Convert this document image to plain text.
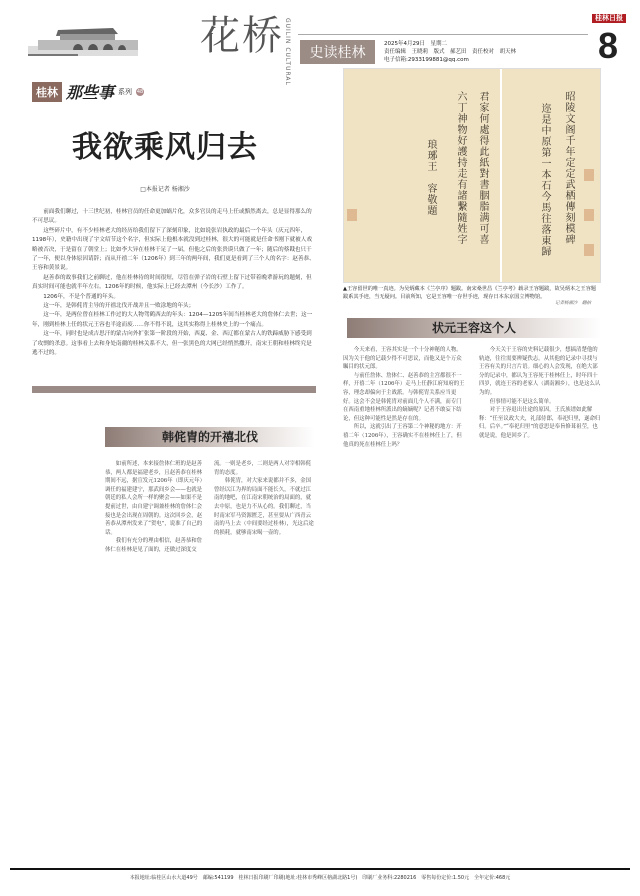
花桥 GUILIN CULTURAL	史读桂林
2025年4月29日　星期二
责任编辑　王晓莉　版式　郝艺田　责任校对　胡天林
电子信箱:2933199881@qq.com
桂林日报
8
桂林 那些事 系列 48
我欲乘风归去
□本报记者 杨湘沙

前面我们聊过，十三世纪初，桂林官员的任命更加蜗片化，众多官员的走马上任或黯然离去，总是显得那么的不可思议。

这些碎片中，有不少桂林老大的经历给我们留下了深刻印象，比如说张岩执政的最后一个年头（庆元四年，1198年），史籍中出现了宇文绍节这个名字，但实际上他根本就没到过桂林，很大的可能就是任命书刚下就被人戏略被否决，于是留在了朝堂上；比如李大异在桂林干足了一届，但他之后的张贵谟只做了一年；随后的蔡戡也只干了一年，便以身体原因请辞；而从开禧二年（1206年）到三年的两年间，我们更是看到了三个人的名字：赵善恭、王容和黄景说。

赵善恭的故事我们之前聊过，他在桂林待的时间很短，尽管在弹子岩的石壁上留下过带着晚辈游玩的题刻，但真实时间可能也就半年左右。1206年的时候，他实际上已经去潭州（今长沙）工作了。

1206年，不是个普通的年头。

这一年，是韩侂胄主导的开禧北伐开战并且一败涂地的年头；

这一年，是两位曾在桂林工作过的大人物驾鹤西去的年头：1204—1205年间当桂林老大的詹体仁去世；这一年，刚到桂林上任的状元王容也半途而废……你不得不说，这其实称得上桂林史上的一个痛点。

这一年，同时也是成吉思汗的蒙古向外扩张第一阶段的开始，西夏、金、西辽都在蒙古人的铁蹄威胁下感受到了攻剽的杀意。这事看上去和身处南疆的桂林关系不大，但一张黑色的大网已经悄然撒开，南宋王朝和桂林终究是逃不过的。

韩侂胄的开禧北伐

如前所述，本来接詹体仁班的是赵善恭，两人都是福建老乡，且赵善恭在桂林期间不远，据宣发元1206年（即庆元年）调任的福建建宁，那武间乡会——也就是朝廷的私人会所一样的聚会——如果不是提前过世，由自建宁调兼桂林的詹体仁会接也是会出现在周朝的。这次回乡会，赵善恭从潭州发来了“贺电”，说准了自己的话。

我们有充分的理由相信，赵善恭和詹体仁在桂林是见了面的，还做过深度交流。一则是老乡，二则是两人对宰相韩侂胄的态度。

韩侂胄，对大家来说都并不多，金国曾经以江为界的局面不能长久，不就过江南的地吧，在江南宋朝统治的局面的，就去中原，也是力不从心的。我们聊过，当时南宋军马资源匮乏，甚至要从广西青云南的马上去（中间要经过桂林），光这后途的损耗，就够南宋喝一壶的。

君家何處得此紙對書胭脂满可喜
六丁神物好護持走有諸繫隨姓字
琅琊王　容敬題	昭陵文阁千年定定武栖傳刻模碑
迩是中原第一本石今馬往落東歸
▲王容留世的唯一真迹。为吴炳藏本《兰亭序》题跋。南宋桑世昌《兰亭考》载录王容题跋，故吴炳本之王容题跋系其手迹，当无疑问。目前所知，它是王容唯一存世手迹，现存日本东京国立博物馆。
记者杨湘沙　翻拍
状元王容这个人

今天来看，王容其实是一个十分神秘的人物。因为关于他的记载少得不可思议，而他又是个万众瞩目的状元郎。

与前任詹体、詹体仁、赵善恭的主宫都很不一样，开禧二年（1206年）走马上任静江府知府的王容，理念却偏向于主战派。与韩侂胄关系应当更好。这会不会是韩侂胄对前面几个人不满，而专门在西南重地桂林所派出的嫡嫡呢？记者不敢妄下结论，但这种可能性是然是存在的。

所以，这就引出了王容第二个神秘的地方：开禧二年（1206年），王容确实不在桂林任上了，但他真的死在桂林任上吗？

今天关于王容的史料记载很少，想搞清楚他的轨迹，往往需要辨疑佚志。从其他的记录中寻找与王容有关的只言片语。细心的人会发现，在绝大部分的记录中，都认为王容死于桂林任上，时年四十四岁，就连王容的老家人（湖南湘乡），也是这么认为的。

但事情可能不是这么简单。

对于王容退出仕途的原因，王氏族谱如此解释：“任至议政大夫，礼部侍郎，奉祀归里，遂命归归。后卒。”“奉祀归里”的意思是奉旨修葺祖茔，也就是说，他是回乡了。

本报地址:临桂区山水大道49号　邮编:541199　桂林日报印刷厂印刷(地址:桂林市秀峰区榕湖北路1号)　印刷厂业务科:2280216　零售每份定价:1.50元　全年定价:468元
